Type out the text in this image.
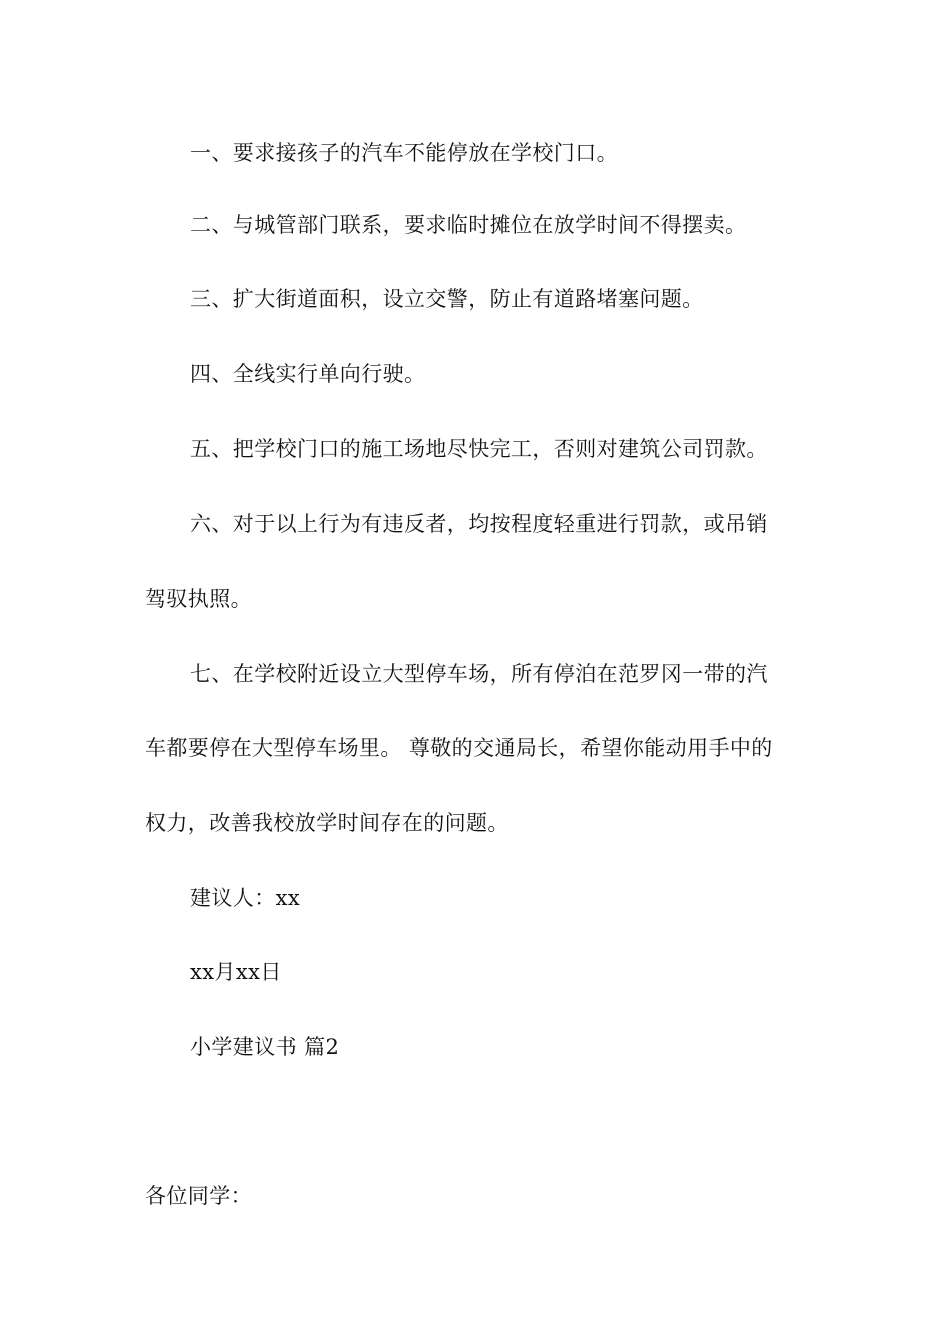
一、要求接孩子的汽车不能停放在学校门口。
二、与城管部门联系，要求临时摊位在放学时间不得摆卖。
三、扩大街道面积，设立交警，防止有道路堵塞问题。
四、全线实行单向行驶。
五、把学校门口的施工场地尽快完工，否则对建筑公司罚款。
六、对于以上行为有违反者，均按程度轻重进行罚款，或吊销
驾驭执照。
七、在学校附近设立大型停车场，所有停泊在范罗冈一带的汽
车都要停在大型停车场里。 尊敬的交通局长，希望你能动用手中的
权力，改善我校放学时间存在的问题。
建议人：xx
xx月xx日
小学建议书 篇2
各位同学：
